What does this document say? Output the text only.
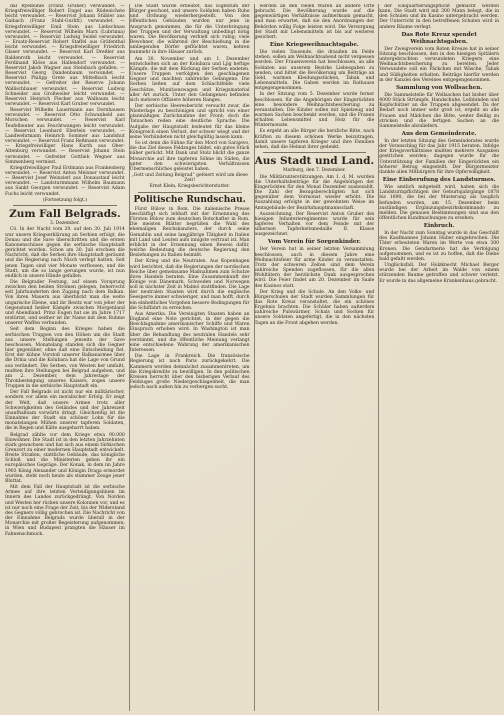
dal Ryelbühle (Franz Gruber) verwundet. — Kriegsfreiwilliger Robert Engel aus Rüdenichste leicht verwundet. — Reservist Johann Stübler aus Gaibach (Franz Stahl-Gurlitt) verwundet. — Kriegsfreiwilliger Emil Stein aus Liebschnau verwundet. — Reservist Wilhelm Marx (Lubrinna) verwundet. — Reservist Ludwig Seidel verwundet. — Ersatz-Reservist Robert Staffel aus Gräfenthal leicht verwundet. — Kriegsfreiwilliger Friedrich Glaser verwundet. — Reservist Karl Dreßler aus Baldenroth leicht verwundet. — Reservist Ferdinand Klöse aus Hallendorf verwundet. — Reservist Jakob Wagner aus Steinbach gefallen. — Reservist Georg Dandenbaum verwundet. — Reservist Philipp Grete aus Mittelbach leicht verwundet. — Gefreiter der Reserve Johann Wallischbauer verwundet. — Reservist Ludwig Schneider aus Großweiler leicht verwundet. — Reservist Heinrich Flecker aus Walbaum leicht verwundet. — Reservist Karl Gruber verwundet.

Reservist Wilhelm Lauermann aus Dornhausen verwundet. — Reservist Otto Schwanheld aus Morschen verwundet. — Reservist Karl Teufelbeuter aus Feuchtwangen leicht verwundet. — Reservist Leonhard Eberlein verwundet. — Landwehrmann Heinrich Sommer aus Landshut verwundet. — Reservist Franz Reßmann verwundet. — Kriegsfreiwilliger Hans Kurth aus Ober-Altenburg verwundet. — Reservist Johann Stein verwundet. — Gefreiter Gottlieb Wegner aus Simmenberg vermisst.

Kriegsfreiwilliger Paul Erdmann aus Frankenberg verwundet. — Reservist Anton Meixner verwundet. — Reservist Josef Weinzierl aus Donaustauf leicht verwundet. — Landsturmmann Wilhelm Baumann aus Sankt Georgen verwundet. — Reservist Adam Fuchs leicht verwundet.

(Fortsetzung folgt.)
Zum Fall Belgrads.
3. Dezember.

Cö. In der Nacht vom 29. auf den 30. Juli 1914 war unsere Kriegserklärung an Serbien erfolgt, die Donau und die Save überschritten und die ersten Kanonenschüsse gegen die serbische Hauptstadt gerichtet worden. Schon am 30. Juli erschien die Nachricht, daß die Serben ihre Hauptstadt geräumt und die Regierung nach Nisch verlegt hatten. Seit jenen Tagen sind vier Monate verflossen, und die Stadt, um die so lange gerungen wurde, ist nun endlich in unsere Hände gefallen.

Die Belgrader Festung, auf einem Vorsprung zwischen den beiden Strömen gelegen, beherrscht seit Jahrhunderten den Zugang nach dem Balkan. Von ihren Mauern aus überblickt man die weite ungarische Ebene, und ihr Besitz war von jeher der Gegenstand heißer Kämpfe zwischen Morgenland und Abendland. Prinz Eugen hat sie im Jahre 1717 erstürmt, und seither ist ihr Name mit dem Ruhme unserer Waffen verbunden.

Seit dem Beginn des Krieges haben die serbischen Truppen von den Höhen um die Stadt aus unsere Stellungen jenseits der Save beschossen. Monatelang standen sich die Gegner hier gegenüber, ohne daß eine Entscheidung fiel. Erst der kühne Vorstoß unserer Balkanarmee über die Drina und die Kolubara hat die Lage von Grund aus verändert. Die Serben, von Westen her umfaßt, mußten ihre Stellungen bei Belgrad aufgeben, und am 2. Dezember, dem Jahrestage der Thronbesteigung unseres Kaisers, zogen unsere Truppen in die serbische Hauptstadt ein.

Der Fall Belgrads ist nicht nur ein militärischer, sondern vor allem ein moralischer Erfolg. Er zeigt der Welt, daß unsere Armee trotz aller Schwierigkeiten des Geländes und der Jahreszeit unaufhaltsam vorwärts dringt. Gleichzeitig ist die Einnahme der Stadt ein schöner Lohn für die monatelangen Mühen unserer tapferen Soldaten, die in Regen und Kälte ausgeharrt haben.

Belgrad zählte vor dem Kriege etwa 90.000 Einwohner. Die Stadt ist in den letzten Jahrzehnten stark gewachsen und hat sich aus einem türkischen Grenzort zu einer modernen Hauptstadt entwickelt. Breite Straßen, stattliche Gebäude, das königliche Schloß und die Ministerien geben ihr ein europäisches Gepräge. Der Konak, in dem im Jahre 1903 König Alexander und Königin Draga ermordet wurden, steht noch heute als stummer Zeuge jener Bluttat.

Mit dem Fall der Hauptstadt ist die serbische Armee auf ihre letzten Verteidigungslinien im Innern des Landes zurückgedrängt. Von Norden und Westen her rücken unsere Kolonnen vor, und es ist nur noch eine Frage der Zeit, bis der Widerstand des Gegners völlig gebrochen ist. Die Nachricht von der Einnahme Belgrads wurde überall in der Monarchie mit großer Begeisterung aufgenommen; in Wien und Budapest prangten die Häuser im Fahnenschmuck.

Die Stadt wurde erbeutet, das Eigentum der Bürger geschont, und unsere Soldaten haben Ruhe und Ordnung wiederhergestellt. Von den öffentlichen Gebäuden wurden nur jene in Anspruch genommen, die für die Unterbringung der Truppen und der Verwaltung unbedingt nötig waren. Die Bevölkerung verhielt sich ruhig; viele Bewohner, die während der Beschießung in die umliegenden Dörfer geflüchtet waren, kehren nunmehr in ihre Häuser zurück.

Am 30. November und am 1. Dezember entwickelten sich an der Kolubara und Ljig heftige Kämpfe, die mit dem Rückzug der Serben endeten. Unsere Truppen verfolgten den geschlagenen Gegner und machten zahlreiche Gefangene. Die Serben ließen auf dem Schlachtfelde viele Geschütze, Munitionswagen und Kriegsmaterial aller Art zurück. Unter den Gefangenen befinden sich mehrere Offiziere höheren Ranges.

Der serbische Heeresbericht versucht zwar, die Niederlage zu beschönigen und spricht von einer planmäßigen Zurücknahme der Front; doch die Tatsachen reden eine deutliche Sprache. Die Aufgabe der Hauptstadt bedeutet für das kleine Königreich einen Verlust, der schwer wiegt und der seine Verbündeten nicht gleichgültig lassen kann.

So ist denn die Sühne für den Mord von Sarajevo, die das Ziel dieses Feldzuges bildet, ein gutes Stück näher gerückt. Mit Dank und Stolz blickt die ganze Monarchie auf ihre tapferen Söhne im Süden, die unter den schwierigsten Verhältnissen Übermenschliches geleistet haben.

„Gott und Zeitung Belgrad“ gefeiert wird um diese Zeit!
Ernst Klein, Kriegsberichterstatter.
Politische Rundschau.

Fürst Bülow in Rom. Die italienische Presse beschäftigt sich lebhaft mit der Ernennung des Fürsten Bülow zum deutschen Botschafter in Rom. Die meisten Blätter begrüßen die Wahl des ehemaligen Reichskanzlers, der durch seine Gemahlin und seine langjährige Tätigkeit in Italien mit Land und Leuten aufs innigste vertraut ist. Man erblickt in der Ernennung einen Beweis dafür, welche Bedeutung die deutsche Regierung den Beziehungen zu Italien beimißt.

Der Krieg und die Neutralen. Aus Kopenhagen wird berichtet, daß die Regierungen der nordischen Reiche über gemeinsame Maßnahmen zum Schutze ihres Handels beraten. Eine Zusammenkunft der Könige von Dänemark, Schweden und Norwegen soll in nächster Zeit in Malmö stattfinden. Die Lage der neutralen Staaten wird durch die englische Seesperre immer schwieriger, und man hofft, durch ein einheitliches Vorgehen bessere Bedingungen für die Schiffahrt zu erreichen.

Aus Amerika. Die Vereinigten Staaten haben an England eine Note gerichtet, in der gegen die Beschlagnahme amerikanischer Schiffe und Waren Einspruch erhoben wird. In Washington ist man über die Behandlung des neutralen Handels sehr verstimmt, und die öffentliche Meinung verlangt eine entschiedene Wahrung der amerikanischen Interessen.

Die Lage in Frankreich. Die französische Regierung ist nach Paris zurückgekehrt. Die Kammern werden demnächst zusammentreten, um die Kriegskredite zu bewilligen. In den politischen Kreisen herrscht über den bisherigen Verlauf des Feldzuges große Niedergeschlagenheit, die man jedoch nach außen hin zu verbergen sucht.

werden an den vielen Waren an andere Orte gebracht. Die Bevölkerung wurde auf die gegenwärtigen Verhältnisse aufmerksam gemacht, und man erwartet, daß sie den Anordnungen der Behörden willig Folge leisten wird. Die Versorgung der Stadt mit Lebensmitteln ist bis auf weiteres gesichert.

Eine Kriegsweihnachtsgabe.

Die vielen Tausende, die draußen im Felde stehen, sollen am Weihnachtsabend nicht vergessen werden. Der Frauenverein hat beschlossen, an alle Soldaten aus unserem Bezirke Liebesgaben zu senden, und bittet die Bevölkerung um Beiträge an Geld, warmen Kleidungsstücken, Tabak und Lebensmitteln. Die Gaben werden im Rathause entgegengenommen.

In der Sitzung vom 5. Dezember wurde ferner beschlossen, für die Angehörigen der Eingerückten eine besondere Weihnachtsbescherung zu veranstalten. Die Kinder sollen mit Spielzeug und warmen Sachen beschenkt werden, und die Frauen erhalten Lebensmittel und Holz für die Wintermonate.

Es ergeht an alle Bürger die herzliche Bitte, nach Kräften zu diesem schönen Werke beizutragen, damit unsere tapferen Krieger und ihre Familien sehen, daß die Heimat ihrer gedenkt.

Aus Stadt und Land.
Marburg, den 7. Dezember.

Die Militärunterstützungen. Am 1. d. M. wurden die Unterhaltsbeiträge für die Angehörigen der Eingerückten für den Monat Dezember ausbezahlt. Die Zahl der Bezugsberechtigten hat sich gegenüber dem Vormonat wieder erhöht. Die Auszahlung erfolgte in der gewohnten Weise im Amtsgebäude der Bezirkshauptmannschaft.

Auszeichnung. Der Reservist Anton Gruber des hiesigen Infanterieregimentes wurde für sein tapferes Verhalten vor dem Feinde mit der silbernen Tapferkeitsmedaille II. Klasse ausgezeichnet.

Vom Verein für Sorgenkinder.

Der Verein hat in seiner letzten Versammlung beschlossen, auch in diesem Jahre eine Weihnachtsfeier für arme Kinder zu veranstalten. Trotz der schweren Zeiten sind dem Verein zahlreiche Spenden zugeflossen, für die allen Wohltätern der herzlichste Dank ausgesprochen wird. Die Feier findet am 20. Dezember im Saale des Kasinos statt.

Der Krieg und die Schule. An den Volks- und Bürgerschulen der Stadt wurden Sammlungen für das Rote Kreuz veranstaltet, die ein schönes Ergebnis brachten. Die Schüler haben außerdem zahlreiche Pulswärmer, Schals und Socken für unsere Soldaten angefertigt, die in den nächsten Tagen an die Front abgehen werden.

der Einquartierungspflicht gemacht werden kann. Die Stadt wird mit 300 Mann belegt, die in den Schulen und im Kasino untergebracht werden. Der Unterricht in den betroffenen Schulen wird in andere Räume verlegt.

Das Rote Kreuz spendet Weihnachtsgaben.

Der Zweigverein vom Roten Kreuze hat in seiner Sitzung beschlossen, den in den hiesigen Spitälern untergebrachten verwundeten Kriegern eine Weihnachtsbescherung zu bereiten. Jeder Verwundete soll ein Päckchen mit Wäsche, Tabak und Süßigkeiten erhalten. Beiträge hierfür werden in der Kanzlei des Vereines entgegengenommen.

Sammlung von Wollsachen.

Die Sammelstelle für Wollsachen hat bisher über 4000 Stück Strümpfe, Handschuhe, Leibbinden und Kopfschützer an die Truppen abgesendet. Da der Bedarf noch immer sehr groß ist, ergeht an alle Frauen und Mädchen die Bitte, weiter fleißig zu stricken und die fertigen Sachen an die Sammelstelle abzuliefern.

Aus dem Gemeinderate.

In der letzten Sitzung des Gemeinderates wurde der Voranschlag für das Jahr 1915 beraten. Infolge der Kriegsverhältnisse mußten mehrere Ausgaben gestrichen werden; dagegen wurde für die Unterstützung der Familien der Eingerückten ein höherer Betrag eingestellt. Der Bürgermeister dankte allen Mitbürgern für ihre Opferwilligkeit.

Eine Einberufung des Landsturmes.

Wie amtlich mitgeteilt wird, haben sich die Landsturmpflichtigen der Geburtsjahrgänge 1878 bis 1890, die bei der Musterung als tauglich befunden wurden, am 15. Dezember beim zuständigen Ergänzungsbezirkskommando zu melden. Die genauen Bestimmungen sind aus den öffentlichen Kundmachungen zu ersehen.

Einbruch.

In der Nacht zum Sonntag wurde in das Geschäft des Kaufmannes Johann Huber eingebrochen. Die Täter erbeuteten Waren im Werte von etwa 300 Kronen. Die Gendarmerie hat die Verfolgung aufgenommen, und es ist zu hoffen, daß die Diebe bald gefaßt werden.

Unglücksfall. Der Holzknecht Michael Berger wurde bei der Arbeit im Walde von einem stürzenden Baume getroffen und schwer verletzt. Er wurde in das allgemeine Krankenhaus gebracht.
